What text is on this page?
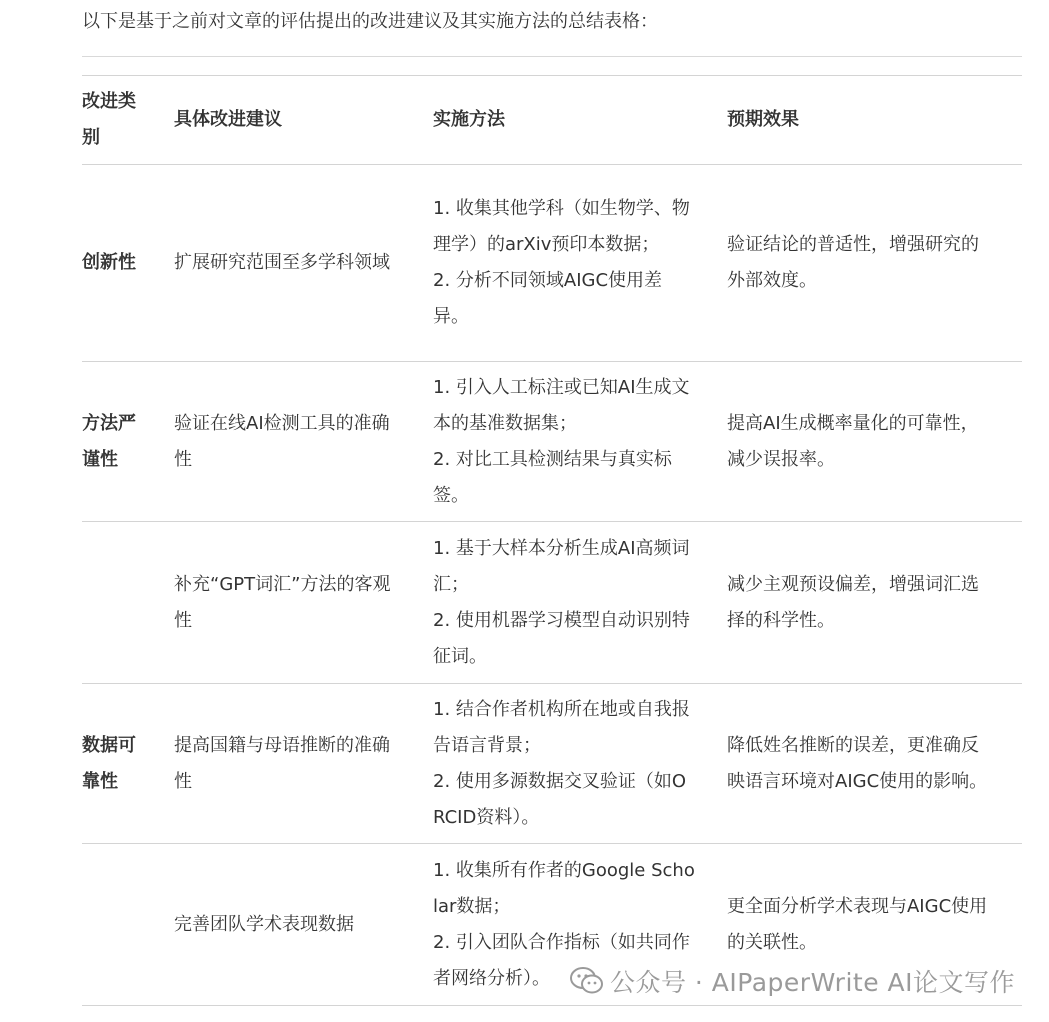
以下是基于之前对文章的评估提出的改进建议及其实施方法的总结表格：
改进类别	具体改进建议	实施方法	预期效果

创新性	扩展研究范围至多学科领域	1. 收集其他学科（如生物学、物理学）的arXiv预印本数据；
2. 分析不同领域AIGC使用差异。	验证结论的普适性，增强研究的外部效度。

方法严谨性	验证在线AI检测工具的准确性	1. 引入人工标注或已知AI生成文本的基准数据集；
2. 对比工具检测结果与真实标签。	提高AI生成概率量化的可靠性，减少误报率。

	补充“GPT词汇”方法的客观性	1. 基于大样本分析生成AI高频词汇；
2. 使用机器学习模型自动识别特征词。	减少主观预设偏差，增强词汇选择的科学性。

数据可靠性	提高国籍与母语推断的准确性	1. 结合作者机构所在地或自我报告语言背景；
2. 使用多源数据交叉验证（如ORCID资料）。	降低姓名推断的误差，更准确反映语言环境对AIGC使用的影响。

	完善团队学术表现数据	1. 收集所有作者的Google Scholar数据；
2. 引入团队合作指标（如共同作者网络分析）。	更全面分析学术表现与AIGC使用的关联性。
公众号 · AIPaperWrite AI论文写作
